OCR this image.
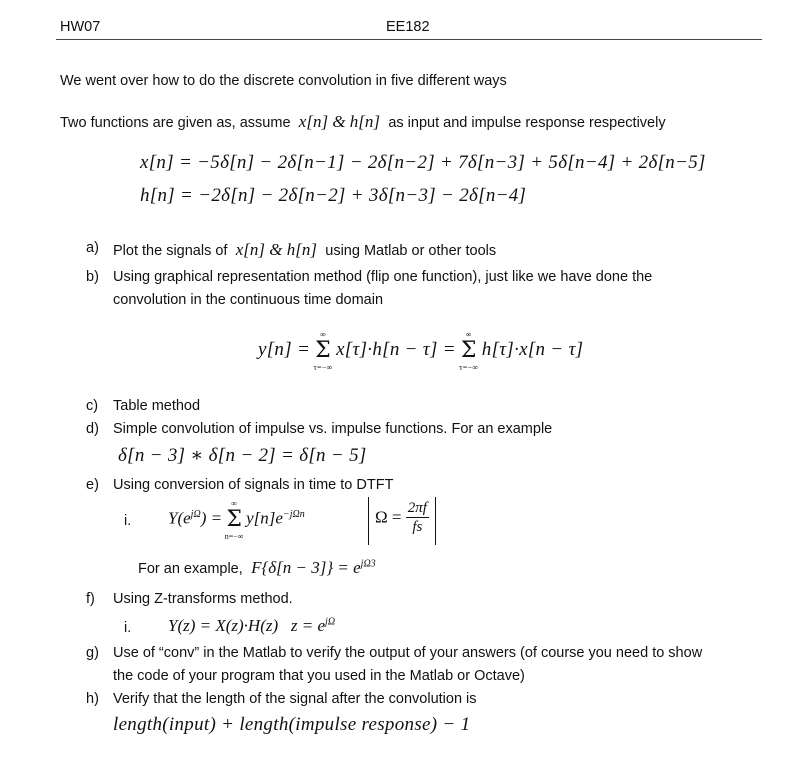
HW07	EE182
We went over how to do the discrete convolution in five different ways
Two functions are given as, assume  x[n] & h[n]  as input and impulse response respectively
x[n] = −5δ[n] − 2δ[n−1] − 2δ[n−2] + 7δ[n−3] + 5δ[n−4] + 2δ[n−5]
h[n] = −2δ[n] − 2δ[n−2] + 3δ[n−3] − 2δ[n−4]
a) Plot the signals of  x[n] & h[n]  using Matlab or other tools
b) Using graphical representation method (flip one function), just like we have done the
convolution in the continuous time domain
y[n] =
∞
Σ
τ=−∞
x[τ]·h[n − τ] =
∞
Σ
τ=−∞
h[τ]·x[n − τ]
c) Table method
d) Simple convolution of impulse vs. impulse functions. For an example
δ[n − 3] ∗ δ[n − 2] = δ[n − 5]
e) Using conversion of signals in time to DTFT
i. $Y(e^{j\Omega})$ =
∞
Σ
n=−∞
$y[n]e^{-j\Omega n}$	$\Omega = \frac{2\pi f}{fs}$
For an example,  $F\{\delta[n - 3]\} = e^{j\Omega 3}$
f) Using Z-transforms method.
i. Y(z) = X(z)·H(z)   $z = e^{j\Omega}$
g) Use of “conv” in the Matlab to verify the output of your answers (of course you need to show
the code of your program that you used in the Matlab or Octave)
h) Verify that the length of the signal after the convolution is
length(input) + length(impulse response) − 1
